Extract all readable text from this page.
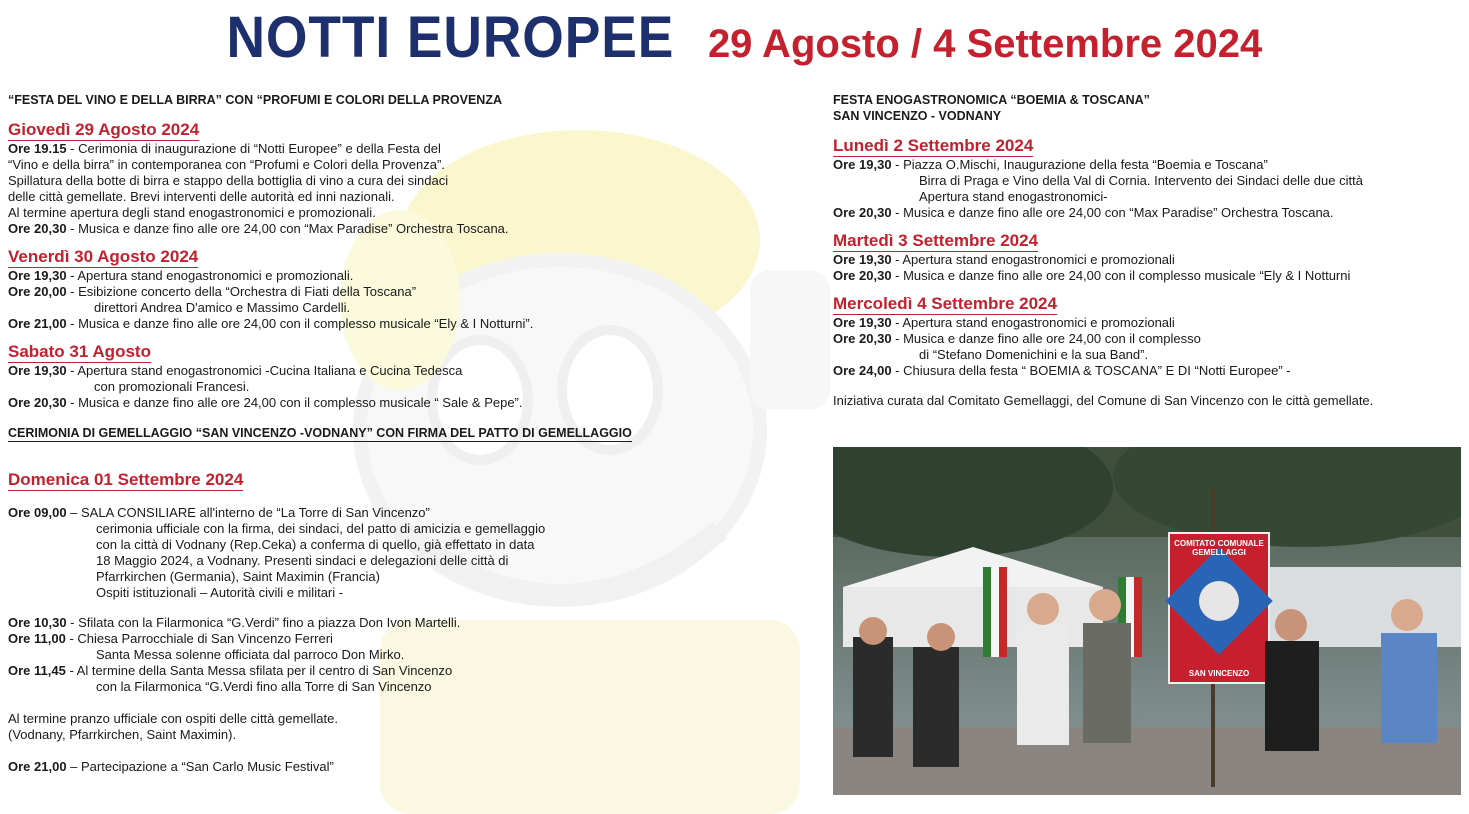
NOTTI EUROPEE 29 Agosto / 4 Settembre 2024
“FESTA DEL VINO E DELLA BIRRA” CON “PROFUMI E COLORI DELLA PROVENZA
Giovedì 29 Agosto 2024
Ore 19.15 - Cerimonia di inaugurazione di “Notti Europee” e della Festa del
“Vino e della birra” in contemporanea con “Profumi e Colori della Provenza”.
Spillatura della botte di birra e stappo della bottiglia di vino a cura dei sindaci
delle città gemellate. Brevi interventi delle autorità ed inni nazionali.
Al termine apertura degli stand enogastronomici e promozionali.
Ore 20,30 - Musica e danze fino alle ore 24,00 con “Max Paradise” Orchestra Toscana.
Venerdì 30 Agosto 2024
Ore 19,30 - Apertura stand enogastronomici e promozionali.
Ore 20,00 - Esibizione concerto della “Orchestra di Fiati della Toscana”
direttori Andrea D'amico e Massimo Cardelli.
Ore 21,00 - Musica e danze fino alle ore 24,00 con il complesso musicale “Ely & I Notturni”.
Sabato 31 Agosto
Ore 19,30 - Apertura stand enogastronomici -Cucina Italiana e Cucina Tedesca
con promozionali Francesi.
Ore 20,30 - Musica e danze fino alle ore 24,00 con il complesso musicale “ Sale & Pepe”.
CERIMONIA DI GEMELLAGGIO “SAN VINCENZO -VODNANY” CON FIRMA DEL PATTO DI GEMELLAGGIO
Domenica 01 Settembre 2024
Ore 09,00 – SALA CONSILIARE all'interno de “La Torre di San Vincenzo”
cerimonia ufficiale con la firma, dei sindaci, del patto di amicizia e gemellaggio
con la città di Vodnany (Rep.Ceka) a conferma di quello, già effettato in data
18 Maggio 2024, a Vodnany. Presenti sindaci e delegazioni delle città di
Pfarrkirchen (Germania), Saint Maximin (Francia)
Ospiti istituzionali – Autorità civili e militari -
Ore 10,30 - Sfilata con la Filarmonica “G.Verdi” fino a piazza Don Ivon Martelli.
Ore 11,00 - Chiesa Parrocchiale di San Vincenzo Ferreri
Santa Messa solenne officiata dal parroco Don Mirko.
Ore 11,45 - Al termine della Santa Messa sfilata per il centro di San Vincenzo
con la Filarmonica “G.Verdi fino alla Torre di San Vincenzo
Al termine pranzo ufficiale con ospiti delle città gemellate.
(Vodnany, Pfarrkirchen, Saint Maximin).
Ore 21,00 – Partecipazione a “San Carlo Music Festival”
FESTA ENOGASTRONOMICA “BOEMIA & TOSCANA”
SAN VINCENZO - VODNANY
Lunedì 2 Settembre 2024
Ore 19,30 - Piazza O.Mischi, Inaugurazione della festa “Boemia e Toscana”
Birra di Praga e Vino della Val di Cornia. Intervento dei Sindaci delle due città
Apertura stand enogastronomici-
Ore 20,30 - Musica e danze fino alle ore 24,00 con “Max Paradise” Orchestra Toscana.
Martedì 3 Settembre 2024
Ore 19,30 - Apertura stand enogastronomici e promozionali
Ore 20,30 - Musica e danze fino alle ore 24,00 con il complesso musicale “Ely & I Notturni
Mercoledì 4 Settembre 2024
Ore 19,30 - Apertura stand enogastronomici e promozionali
Ore 20,30 - Musica e danze fino alle ore 24,00 con il complesso
di “Stefano Domenichini e la sua Band”.
Ore 24,00 - Chiusura della festa “ BOEMIA & TOSCANA” E DI “Notti Europee” -
Iniziativa curata dal Comitato Gemellaggi, del Comune di San Vincenzo con le città gemellate.
COMITATO COMUNALE
GEMELLAGGI
SAN VINCENZO
